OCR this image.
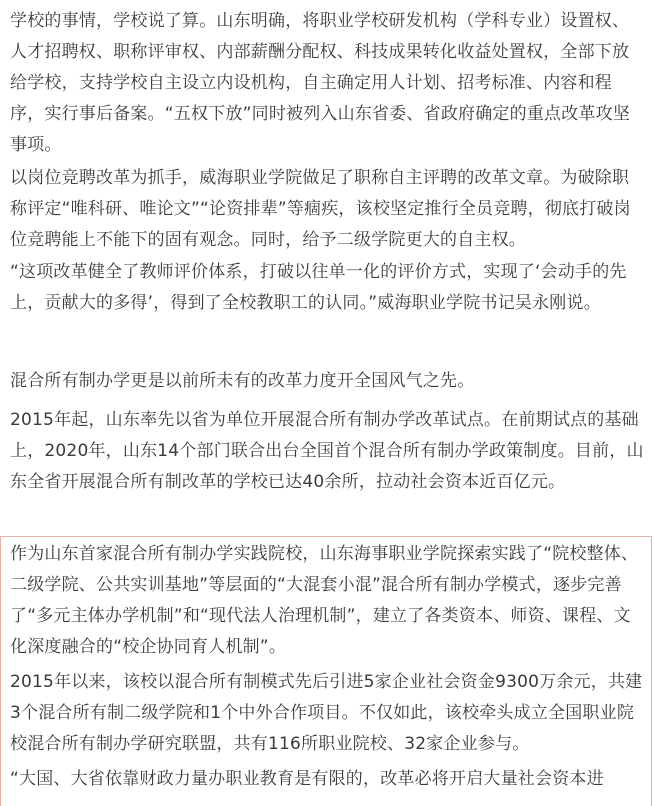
学校的事情，学校说了算。山东明确，将职业学校研发机构（学科专业）设置权、人才招聘权、职称评审权、内部薪酬分配权、科技成果转化收益处置权，全部下放给学校，支持学校自主设立内设机构，自主确定用人计划、招考标准、内容和程序，实行事后备案。“五权下放”同时被列入山东省委、省政府确定的重点改革攻坚事项。

以岗位竞聘改革为抓手，威海职业学院做足了职称自主评聘的改革文章。为破除职称评定“唯科研、唯论文”“论资排辈”等痼疾，该校坚定推行全员竞聘，彻底打破岗位竞聘能上不能下的固有观念。同时，给予二级学院更大的自主权。

“这项改革健全了教师评价体系，打破以往单一化的评价方式，实现了‘会动手的先上，贡献大的多得’，得到了全校教职工的认同。”威海职业学院书记吴永刚说。

混合所有制办学更是以前所未有的改革力度开全国风气之先。

2015年起，山东率先以省为单位开展混合所有制办学改革试点。在前期试点的基础上，2020年，山东14个部门联合出台全国首个混合所有制办学政策制度。目前，山东全省开展混合所有制改革的学校已达40余所，拉动社会资本近百亿元。

作为山东首家混合所有制办学实践院校，山东海事职业学院探索实践了“院校整体、二级学院、公共实训基地”等层面的“大混套小混”混合所有制办学模式，逐步完善了“多元主体办学机制”和“现代法人治理机制”，建立了各类资本、师资、课程、文化深度融合的“校企协同育人机制”。

2015年以来，该校以混合所有制模式先后引进5家企业社会资金9300万余元，共建3个混合所有制二级学院和1个中外合作项目。不仅如此，该校牵头成立全国职业院校混合所有制办学研究联盟，共有116所职业院校、32家企业参与。

“大国、大省依靠财政力量办职业教育是有限的，改革必将开启大量社会资本进
